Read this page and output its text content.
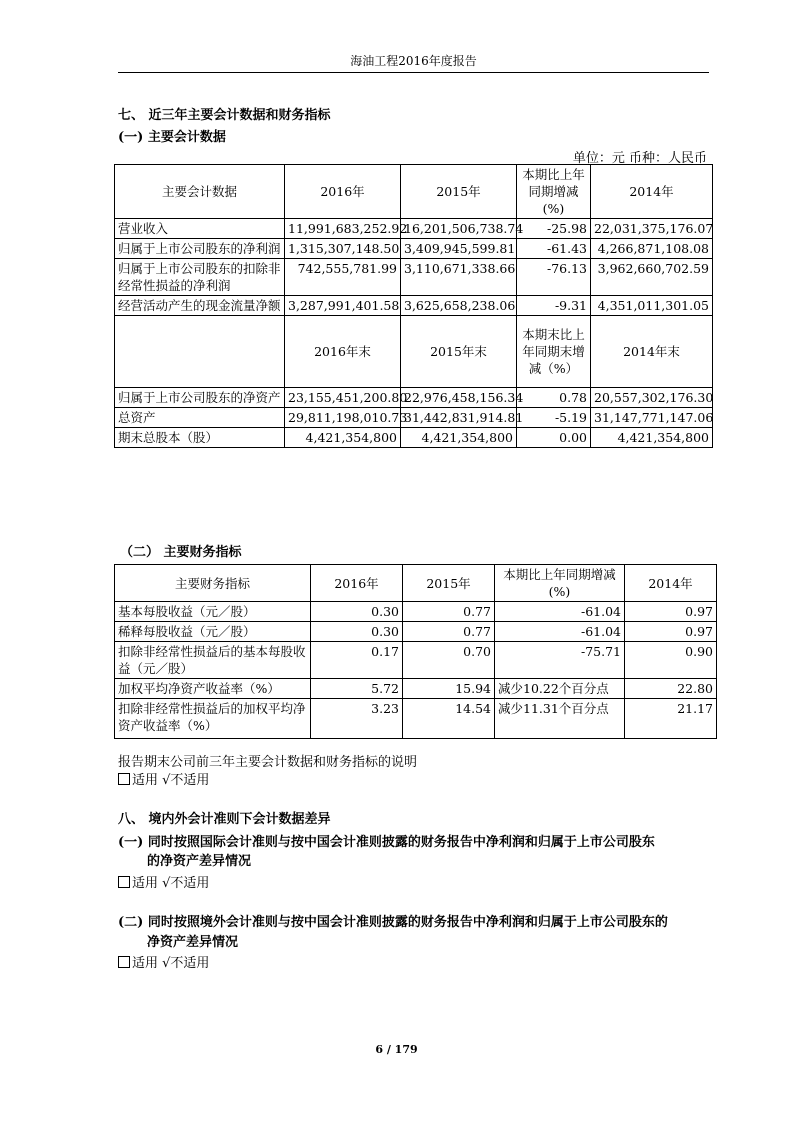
海油工程2016年度报告
七、 近三年主要会计数据和财务指标
(一) 主要会计数据
单位：元 币种：人民币
主要会计数据	2016年	2015年	本期比上年同期增减(%)	2014年
营业收入	11,991,683,252.92	16,201,506,738.74	-25.98	22,031,375,176.07
归属于上市公司股东的净利润	1,315,307,148.50	3,409,945,599.81	-61.43	4,266,871,108.08
归属于上市公司股东的扣除非经常性损益的净利润	742,555,781.99	3,110,671,338.66	-76.13	3,962,660,702.59
经营活动产生的现金流量净额	3,287,991,401.58	3,625,658,238.06	-9.31	4,351,011,301.05
	2016年末	2015年末	本期末比上年同期末增减（%）	2014年末
归属于上市公司股东的净资产	23,155,451,200.80	22,976,458,156.34	0.78	20,557,302,176.30
总资产	29,811,198,010.73	31,442,831,914.81	-5.19	31,147,771,147.06
期末总股本（股）	4,421,354,800	4,421,354,800	0.00	4,421,354,800
（二） 主要财务指标
主要财务指标	2016年	2015年	本期比上年同期增减(%)	2014年
基本每股收益（元／股）	0.30	0.77	-61.04	0.97
稀释每股收益（元／股）	0.30	0.77	-61.04	0.97
扣除非经常性损益后的基本每股收益（元／股）	0.17	0.70	-75.71	0.90
加权平均净资产收益率（%）	5.72	15.94	减少10.22个百分点	22.80
扣除非经常性损益后的加权平均净资产收益率（%）	3.23	14.54	减少11.31个百分点	21.17
报告期末公司前三年主要会计数据和财务指标的说明
适用 √不适用
八、 境内外会计准则下会计数据差异
(一) 同时按照国际会计准则与按中国会计准则披露的财务报告中净利润和归属于上市公司股东
的净资产差异情况
适用 √不适用
(二) 同时按照境外会计准则与按中国会计准则披露的财务报告中净利润和归属于上市公司股东的
净资产差异情况
适用 √不适用
6 / 179
